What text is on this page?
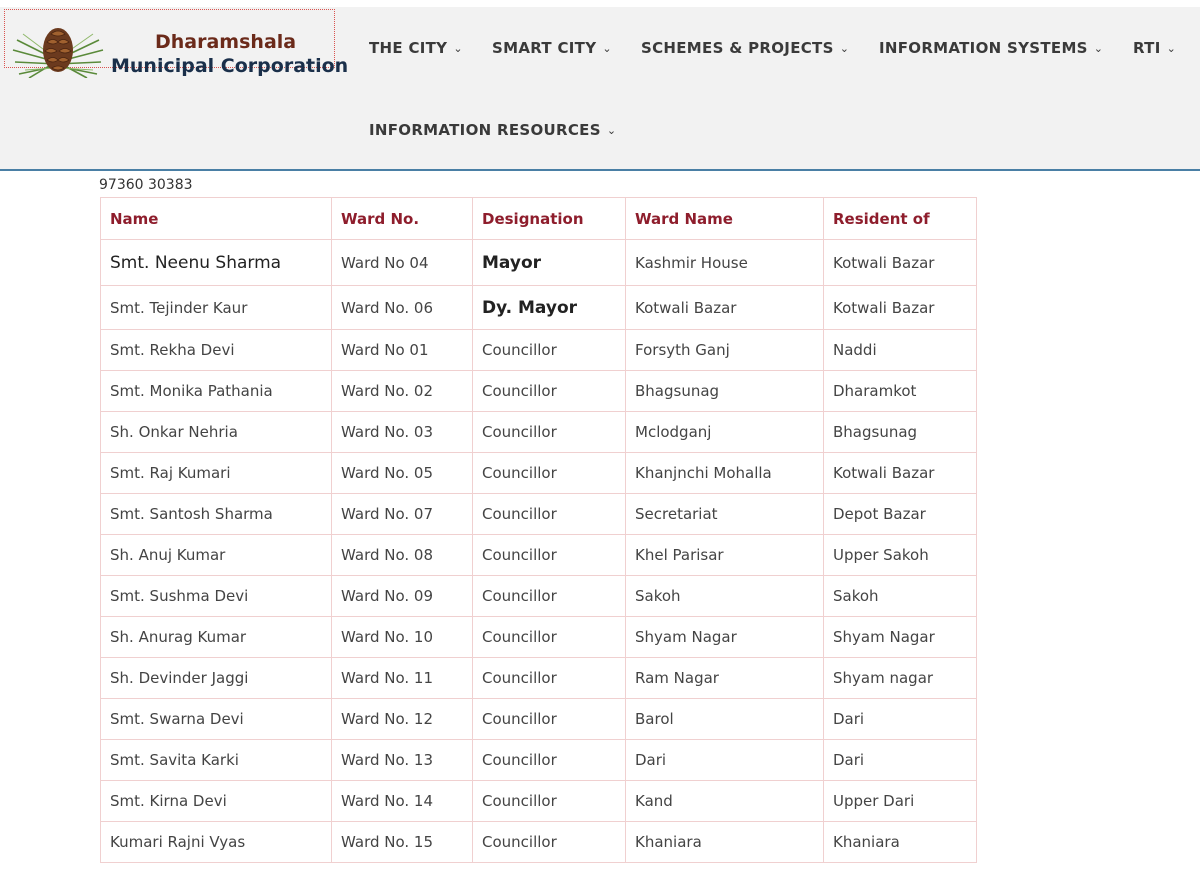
Dharamshala
Municipal Corporation
THE CITY ⌄ SMART CITY ⌄ SCHEMES & PROJECTS ⌄ INFORMATION SYSTEMS ⌄ RTI ⌄
INFORMATION RESOURCES ⌄
97360 30383
Name	Ward No.	Designation	Ward Name	Resident of
Smt. Neenu Sharma	Ward No 04	Mayor	Kashmir House	Kotwali Bazar
Smt. Tejinder Kaur	Ward No. 06	Dy. Mayor	Kotwali Bazar	Kotwali Bazar
Smt. Rekha Devi	Ward No 01	Councillor	Forsyth Ganj	Naddi
Smt. Monika Pathania	Ward No. 02	Councillor	Bhagsunag	Dharamkot
Sh. Onkar Nehria	Ward No. 03	Councillor	Mclodganj	Bhagsunag
Smt. Raj Kumari	Ward No. 05	Councillor	Khanjnchi Mohalla	Kotwali Bazar
Smt. Santosh Sharma	Ward No. 07	Councillor	Secretariat	Depot Bazar
Sh. Anuj Kumar	Ward No. 08	Councillor	Khel Parisar	Upper Sakoh
Smt. Sushma Devi	Ward No. 09	Councillor	Sakoh	Sakoh
Sh. Anurag Kumar	Ward No. 10	Councillor	Shyam Nagar	Shyam Nagar
Sh. Devinder Jaggi	Ward No. 11	Councillor	Ram Nagar	Shyam nagar
Smt. Swarna Devi	Ward No. 12	Councillor	Barol	Dari
Smt. Savita Karki	Ward No. 13	Councillor	Dari	Dari
Smt. Kirna Devi	Ward No. 14	Councillor	Kand	Upper Dari
Kumari Rajni Vyas	Ward No. 15	Councillor	Khaniara	Khaniara
